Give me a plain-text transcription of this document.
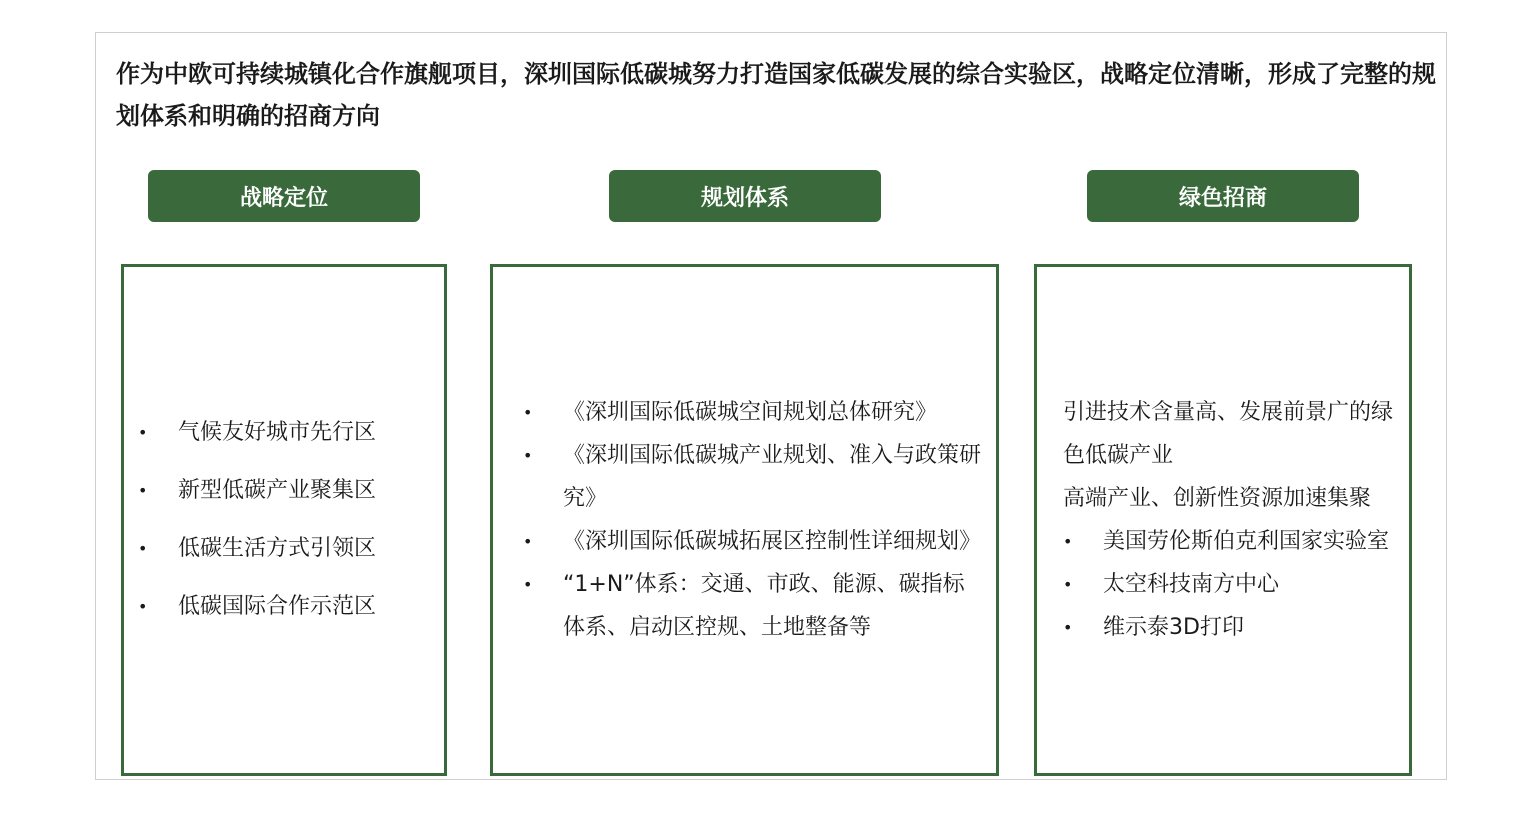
作为中欧可持续城镇化合作旗舰项目，深圳国际低碳城努力打造国家低碳发展的综合实验区，战略定位清晰，形成了完整的规划体系和明确的招商方向

战略定位	规划体系	绿色招商
•	气候友好城市先行区
•	新型低碳产业聚集区
•	低碳生活方式引领区
•	低碳国际合作示范区
•	《深圳国际低碳城空间规划总体研究》
•	《深圳国际低碳城产业规划、准入与政策研究》
•	《深圳国际低碳城拓展区控制性详细规划》
•	“1+N”体系：交通、市政、能源、碳指标体系、启动区控规、土地整备等

引进技术含量高、发展前景广的绿色低碳产业

高端产业、创新性资源加速集聚

•	美国劳伦斯伯克利国家实验室
•	太空科技南方中心
•	维示泰3D打印
